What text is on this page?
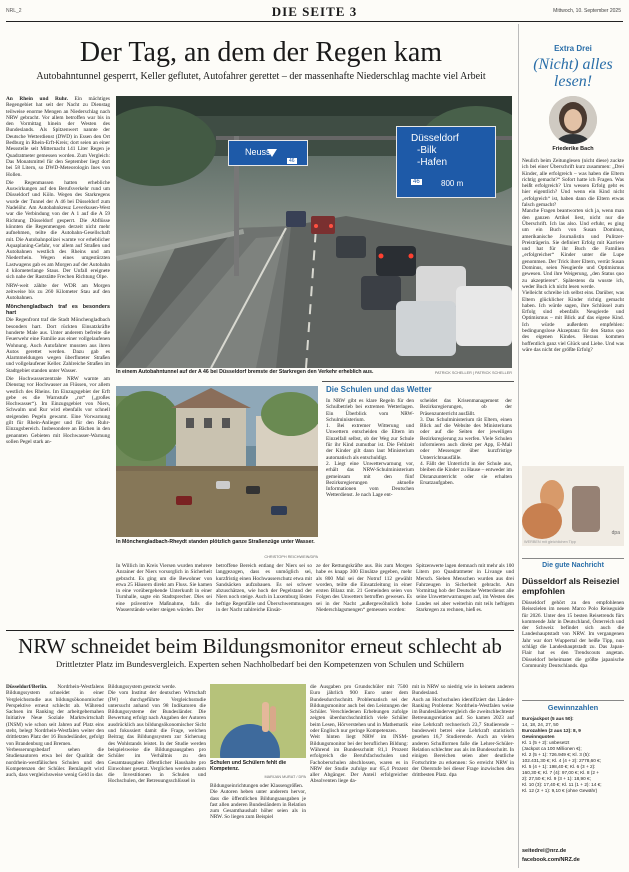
NRL_2	DIE SEITE 3	Mittwoch, 10. September 2025
Der Tag, an dem der Regen kam
Autobahntunnel gesperrt, Keller geflutet, Autofahrer gerettet – der massenhafte Niederschlag machte viel Arbeit

An Rhein und Ruhr. Ein mächtiges Regengebiet hat seit der Nacht zu Dienstag teilweise enorme Mengen an Niederschlag nach NRW gebracht. Vor allem betroffen war bis in den Vormittag hinein der Westen des Bundeslands. Als Spitzenwert nannte der Deutsche Wetterdienst (DWD) in Essen den Ort Bedburg in Rhein-Erft-Kreis; dort seien an einer Messstelle seit Mitternacht 141 Liter Regen je Quadratmeter gemessen worden. Zum Vergleich: Das Monatsmittel für den September liegt dort bei 58 Litern, so DWD-Meteorologin Ines von Hollen.

Die Regenmassen hatten erhebliche Auswirkungen auf den Berufsverkehr rund um Düsseldorf und Köln. Wegen des Starkregens wurde der Tunnel der A 46 bei Düsseldorf zum Nadelöhr. Am Autobahnkreuz Leverkusen-West war die Verbindung von der A 1 auf die A 59 Richtung Düsseldorf gesperrt. Die Abflüsse könnten die Regenmengen derzeit nicht mehr aufnehmen, teilte die Autobahn-Gesellschaft mit. Die Autobahnpolizei warnte vor erheblicher Aquaplaning-Gefahr, vor allem auf Straßen und Autobahnen westlich des Rheins und am Niederrhein. Wegen eines umgestürzten Lastwagens gab es am Morgen auf der Autobahn 4 kilometerlange Staus. Der Unfall ereignete sich nahe der Raststätte Frechen Richtung Olpe.

NRW-weit zählte der WDR am Morgen zeitweise bis zu 260 Kilometer Stau auf den Autobahnen.

Mönchengladbach traf es besonders hart

Die Regenfront traf die Stadt Mönchengladbach besonders hart. Dort rückten Einsatzkräfte hunderte Male aus. Unter anderem befreite die Feuerwehr eine Familie aus einer vollgelaufenen Wohnung. Auch Autofahrer mussten aus ihren Autos gerettet werden. Dazu gab es Alarmmeldungen wegen überfluteter Straßen und vollgelaufener Keller. Zahlreiche Straßen im Stadtgebiet standen unter Wasser.

Die Hochwasserzentrale NRW warnte am Dienstag vor Hochwasser an Flüssen, vor allem westlich des Rheins. Im Einzugsgebiet der Erft gebe es die Warnstufe „rot“ („großes Hochwasser“). Im Einzugsgebiet von Niers, Schwalm und Rur wird ebenfalls vor schnell steigenden Pegeln gewarnt. Eine Vorwarnung gilt für Rhein-Anlieger und für den Ruhr-Einzugsbereich. Insbesondere an Bächen in den genannten Gebieten mit Hochwasser-Warnung sollen Pegel stark an-

Neuss
46
Düsseldorf
-Bilk
-Hafen
46	800 m
In einem Autobahntunnel auf der A 46 bei Düsseldorf bremste der Starkregen den Verkehr erheblich aus.	PATRICK SCHELLER | PATRICK SCHELLER
In Mönchengladbach-Rheydt standen plötzlich ganze Straßenzüge unter Wasser.
CHRISTOPH REICHWEIN/DPA
Die Schulen und das Wetter
In NRW gibt es klare Regeln für den Schulbetrieb bei extremen Wetterlagen. Ein Überblick vom NRW-Schulministerium.
1. Bei extremer Witterung und Unwettern entscheiden die Eltern im Einzelfall selbst, ob der Weg zur Schule für ihr Kind zumutbar ist. Die Fehlzeit der Kinder gilt dann laut Ministerium automatisch als entschuldigt.
2. Liegt eine Unwetterwarnung vor, erhält das NRW-Schulministerium gemeinsam mit den fünf Bezirksregierungen aktuelle Informationen vom Deutschen Wetterdienst. Je nach Lage ent-
scheidet das Krisenmanagement der Bezirksregierungen, ob der Präsenzunterricht ausfällt.
3. Das Schulministerium rät Eltern, einen Blick auf die Website des Ministeriums oder auf die Seiten der jeweiligen Bezirksregierung zu werfen. Viele Schulen informieren auch direkt per App, E-Mail oder Messenger über kurzfristige Unterrichtsausfälle.
4. Fällt der Unterricht in der Schule aus, bleiben die Kinder zu Hause – entweder im Distanzunterricht oder sie erhalten Ersatzaufgaben.
In Willich im Kreis Viersen wurden mehrere Anrainer der Niers vorsorglich in Sicherheit gebracht. Es ging um die Bewohner von etwa 25 Häusern direkt am Fluss. Sie kamen in eine vorübergehende Unterkunft in einer Turnhalle, sagte ein Stadtsprecher. Dies sei eine präventive Maßnahme, falls die Wasserstände weiter steigen würden. Der
betroffene Bereich entlang der Niers sei so langgezogen, dass es unmöglich sei, kurzfristig einen Hochwasserschutz etwa mit Sandsäcken aufzubauen. Es sei schwer abzuschätzen, wie hoch der Pegelstand der Niers noch steige. Auch in Luxemburg lösten heftige Regenfälle und Überschwemmungen in der Nacht zahlreiche Einsät-
ze der Rettungskräfte aus. Bis zum Morgen habe es knapp 300 Einsätze gegeben, mehr als 800 Mal sei der Notruf 112 gewählt worden, teilte die Einsatzleitung in einer ersten Bilanz mit. 21 Gemeinden seien von Folgen des Unwetters betroffen gewesen. Es sei in der Nacht „außergewöhnlich hohe Niederschlagsmengen“ gemessen worden:
Spitzenwerte lagen demnach mit mehr als 100 Litern pro Quadratmeter in Livange und Mersch. Sieben Menschen wurden aus drei Fahrzeugen in Sicherheit gebracht. Am Vormittag hob der Deutsche Wetterdienst alle seine Unwetterwarnungen auf, im Westen des Landes sei aber weiterhin mit teils heftigem Starkregen zu rechnen, hieß es.
NRW schneidet beim Bildungsmonitor erneut schlecht ab
Drittletzter Platz im Bundesvergleich. Experten sehen Nachholbedarf bei den Kompetenzen von Schulen und Schülern
Düsseldorf/Berlin. Nordrhein-Westfalens Bildungssystem schneidet in einer Vergleichsstudie aus bildungsökonomischer Perspektive erneut schlecht ab. Während Sachsen im Ranking der arbeitgebernahen Initiative Neue Soziale Marktwirtschaft (INSM) wie schon seit Jahren auf Platz eins steht, belegt Nordrhein-Westfalen weiter den drittletzten Platz der 16 Bundesländer, gefolgt von Brandenburg und Bremen.
Verbesserungsbedarf sehen die Studienautoren etwa bei der Qualität der nordrhein-westfälischen Schulen und den Kompetenzen der Schüler. Bemängelt wird auch, dass vergleichsweise wenig Geld in das
Bildungssystem gesteckt werde.
Die vom Institut der deutschen Wirtschaft (IW) durchgeführte Vergleichsstudie untersucht anhand von 98 Indikatoren die Bildungssysteme der Bundesländer. Die Bewertung erfolgt nach Angaben der Autoren ausdrücklich aus bildungsökonomischer Sicht und fokussiert damit die Frage, welchen Beitrag das Bildungssystem zur Sicherung des Wohlstands leistet. In der Studie werden beispielsweise die Bildungsausgaben pro Schüler im Verhältnis zu den Gesamtausgaben öffentlicher Haushalte pro Einwohner gesetzt. Verglichen werden zudem die Investitionen in Schulen und Hochschulen, der Betreuungsschlüssel in
Schulen und Schülern fehlt die Kompetenz.
MARIJAN MURAT / DPA
Bildungseinrichtungen oder Klassengrößen.
Die Autoren heben unter anderem hervor, dass die öffentlichen Bildungsausgaben je fast allen anderen Bundesländern in Relation zum Gesamthaushalt höher seien als in NRW. So liegen zum Beispiel
die Ausgaben pro Grundschüler mit 7500 Euro jährlich 900 Euro unter dem Bundesdurchschnitt. Problematisch sei der Bildungsmonitor auch bei den Leistungen der Schüler. Verschiedenen Erhebungen zufolge zeigten überdurchschnittlich viele Schüler beim Lesen, Hörverstehen und in Mathematik oder Englisch nur geringe Kompetenzen.
Weit hinten liegt NRW im INSM-Bildungsmonitor bei der beruflichen Bildung: Während im Bundesschnitt 81,1 Prozent erfolgreich die Berufsfachschulen und Fachoberschulen abschlossen, waren es in NRW der Studie zufolge nur 65,4 Prozent aller Abgänger. Der Anteil erfolgreicher Absolventen liege da-
mit in NRW so niedrig wie in keinem anderen Bundesland.
Auch an Hochschulen identifiziert das Länder-Ranking Probleme: Nordrhein-Westfalen weise im Bundesländervergleich die zweitschlechteste Betreuungsrelation auf. So kamen 2023 auf eine Lehrkraft rechnerisch 23,7 Studierende – bundesweit betrei eine Lehrkraft statistisch gesehen 16,7 Studierende. Auch an vielen anderen Schulformen falle die Lehrer-Schüler-Relation schlechter aus als im Bundesschnitt. In einigen Bereichen seien aber deutliche Fortschritte zu erkennen: So erreicht NRW in der Oberstufe bei dieser Frage inzwischen den drittbesten Platz. dpa
Extra Drei
(Nicht) alles lesen!
Friederike Bach
Neulich beim Zeitunglesen (nicht diese) zuckte ich bei einer Überschrift kurz zusammen: „Drei Kinder, alle erfolgreich – was haben die Eltern richtig gemacht?“ Sofort hatte ich Fragen. Was heißt erfolgreich? Um wessen Erfolg geht es hier eigentlich? Und wenn ein Kind nicht „erfolgreich“ ist, haben dann die Eltern etwas falsch gemacht?
Manche Fragen beantworten sich ja, wenn man den ganzen Artikel liest, nicht nur die Überschrift. Ich las also. Und erfuhr, es ging um ein Buch von Susan Dominus, amerikanische Journalistin und Pulitzer-Preisträgerin. Sie definiert Erfolg mit Karriere und hat für ihr Buch die Familien „erfolgreicher“ Kinder unter die Lupe genommen. Der Trick ihrer Eltern, verrät Susan Dominus, seien Neugierde und Optimismus gewesen. Und ihre Weigerung, „den Status quo zu akzeptieren“. Spätestens da wusste ich, weder Buch ich nicht lesen werde.
Vielleicht schreibe ich selbst eins. Darüber, was Eltern glücklicher Kinder richtig gemacht haben. Ich würde sagen, ihre Schlüssel zum Erfolg sind ebenfalls Neugierde und Optimismus – mit Blick auf das eigene Kind. Ich würde außerdem empfehlen: bedingungslose Akzeptanz für den Status quo des eigenen Kindes. Heraus kommen hoffentlich ganz viel Glück und Liebe. Und was wäre das nicht der größte Erfolg?
dpa
WERBEN mit gleichlichen Tipp
Die gute Nachricht
Düsseldorf als Reiseziel empfohlen
Düsseldorf gehört zu den empfohlenen Reisezielen im neuen Marco Polo Reiseguide für 2026. Unter den 15 besten Reisetrends fürs kommende Jahr in Deutschland, Österreich und der Schweiz befindet sich auch die Landeshauptstadt von NRW. Im vergangenen Jahr war dort Wuppertal der heiße Tipp, nun schlägt die Landeshauptstadt zu. Das Japan-Flair hat es den Trendscouts angetan. Düsseldorf beheimatet die größte japanische Community Deutschlands. dpa
Gewinnzahlen
Eurojackpot (5 aus 50):
14, 18, 24, 27, 50
Eurozahlen (2 aus 12): 8, 9
Gewinnquoten
Kl. 1 (5 + 2): unbesetzt
(Jackpot ca 100 Millionen €);
Kl. 2 (5 + 1): 726.949 €; Kl. 3 (5):
102.431,30 €; Kl. 4 (4 + 2): 2778,60 €;
Kl. 5 (4 + 1): 198,40 €; Kl. 6 (3 + 2):
160,30 €; Kl. 7 (4): 97,00 €; Kl. 8 (2 +
2): 27,50 €; Kl. 9 (3 + 1): 18,90 €;
Kl. 10 (3): 17,40 €; Kl. 11 (1 + 2): 14 €;
Kl. 12 (2 + 1): 9,10 € (ohne Gewähr)
seitedrei@nrz.de
facebook.com/NRZ.de
